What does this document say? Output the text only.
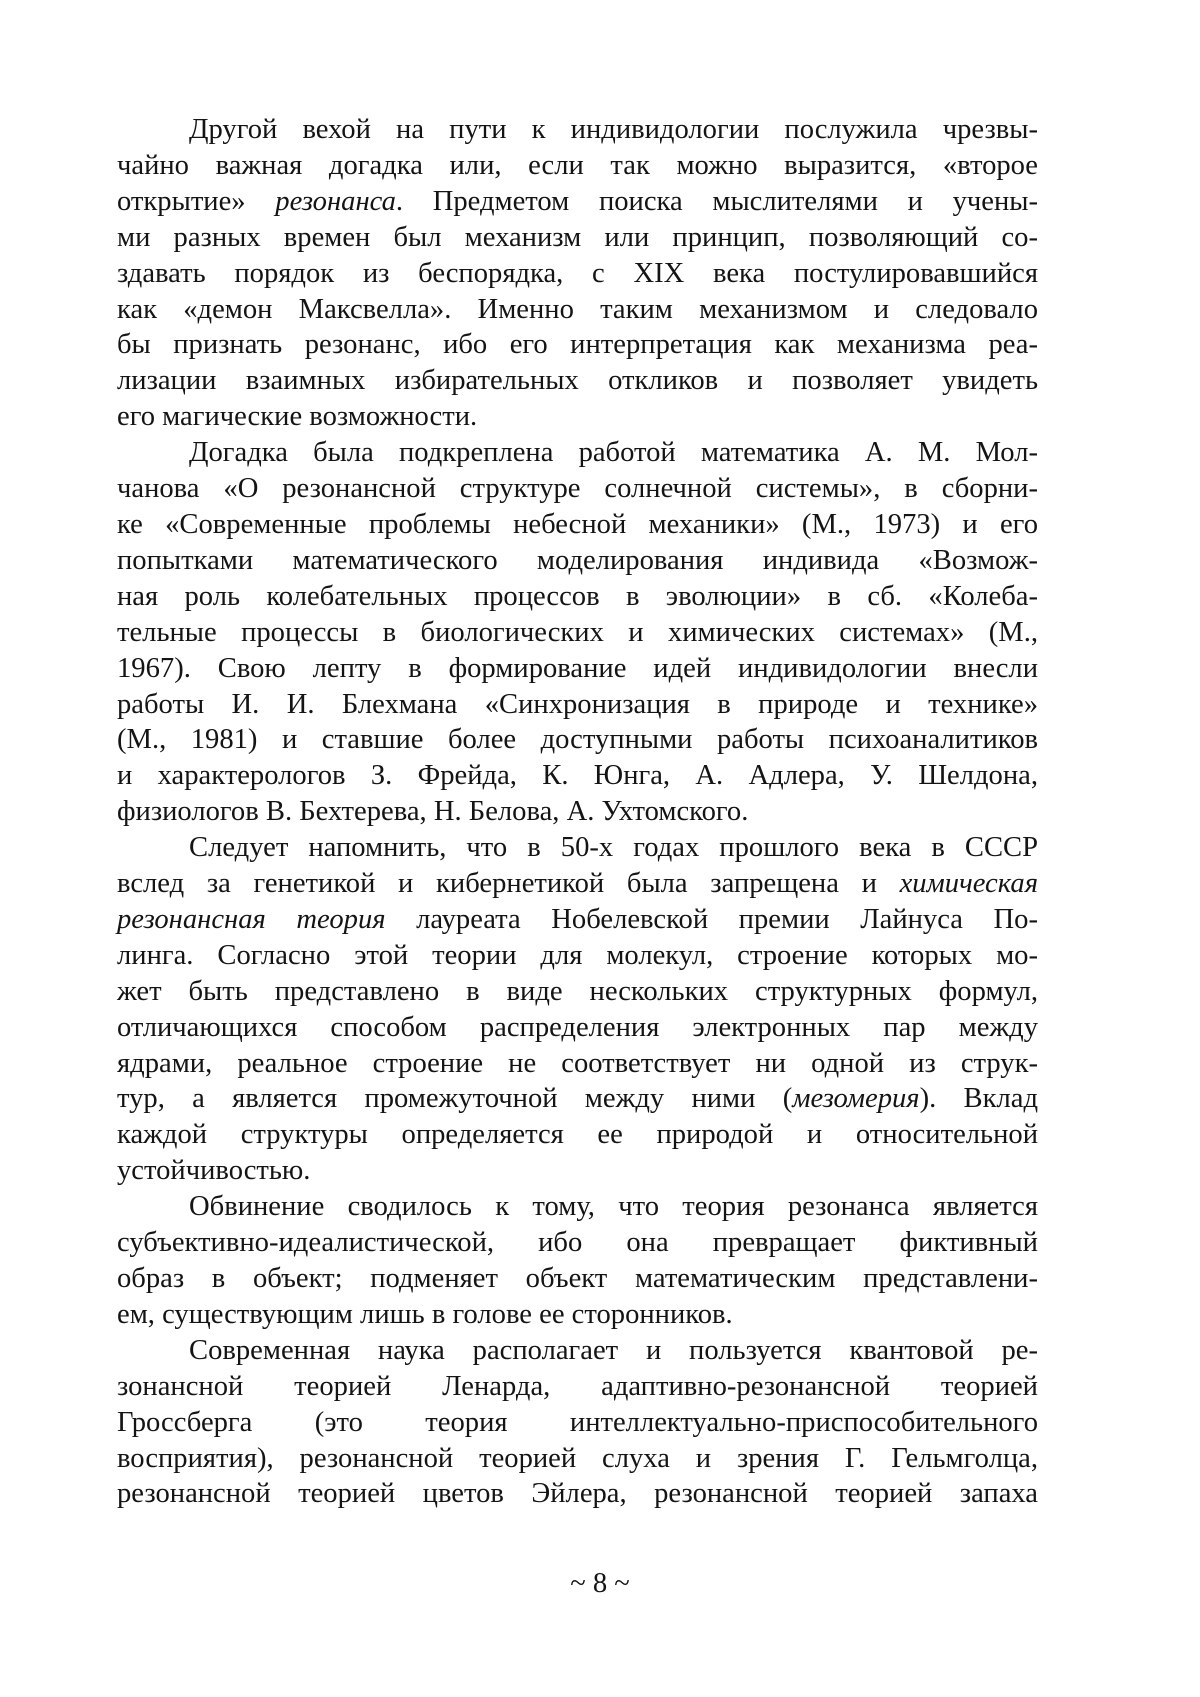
Другой вехой на пути к индивидологии послужила чрезвы-
чайно важная догадка или, если так можно выразится, «второе
открытие» резонанса. Предметом поиска мыслителями и учены-
ми разных времен был механизм или принцип, позволяющий со-
здавать порядок из беспорядка, с XIX века постулировавшийся
как «демон Максвелла». Именно таким механизмом и следовало
бы признать резонанс, ибо его интерпретация как механизма реа-
лизации взаимных избирательных откликов и позволяет увидеть
его магические возможности.

Догадка была подкреплена работой математика А. М. Мол-
чанова «О резонансной структуре солнечной системы», в сборни-
ке «Современные проблемы небесной механики» (М., 1973) и его
попытками математического моделирования индивида «Возмож-
ная роль колебательных процессов в эволюции» в сб. «Колеба-
тельные процессы в биологических и химических системах» (М.,
1967). Свою лепту в формирование идей индивидологии внесли
работы И. И. Блехмана «Синхронизация в природе и технике»
(М., 1981) и ставшие более доступными работы психоаналитиков
и характерологов З. Фрейда, К. Юнга, А. Адлера, У. Шелдона,
физиологов В. Бехтерева, Н. Белова, А. Ухтомского.

Следует напомнить, что в 50-х годах прошлого века в СССР
вслед за генетикой и кибернетикой была запрещена и химическая
резонансная теория лауреата Нобелевской премии Лайнуса По-
линга. Согласно этой теории для молекул, строение которых мо-
жет быть представлено в виде нескольких структурных формул,
отличающихся способом распределения электронных пар между
ядрами, реальное строение не соответствует ни одной из струк-
тур, а является промежуточной между ними (мезомерия). Вклад
каждой структуры определяется ее природой и относительной
устойчивостью.

Обвинение сводилось к тому, что теория резонанса является
субъективно-идеалистической, ибо она превращает фиктивный
образ в объект; подменяет объект математическим представлени-
ем, существующим лишь в голове ее сторонников.

Современная наука располагает и пользуется квантовой ре-
зонансной теорией Ленарда, адаптивно-резонансной теорией
Гроссберга (это теория интеллектуально-приспособительного
восприятия), резонансной теорией слуха и зрения Г. Гельмголца,
резонансной теорией цветов Эйлера, резонансной теорией запаха

~ 8 ~
